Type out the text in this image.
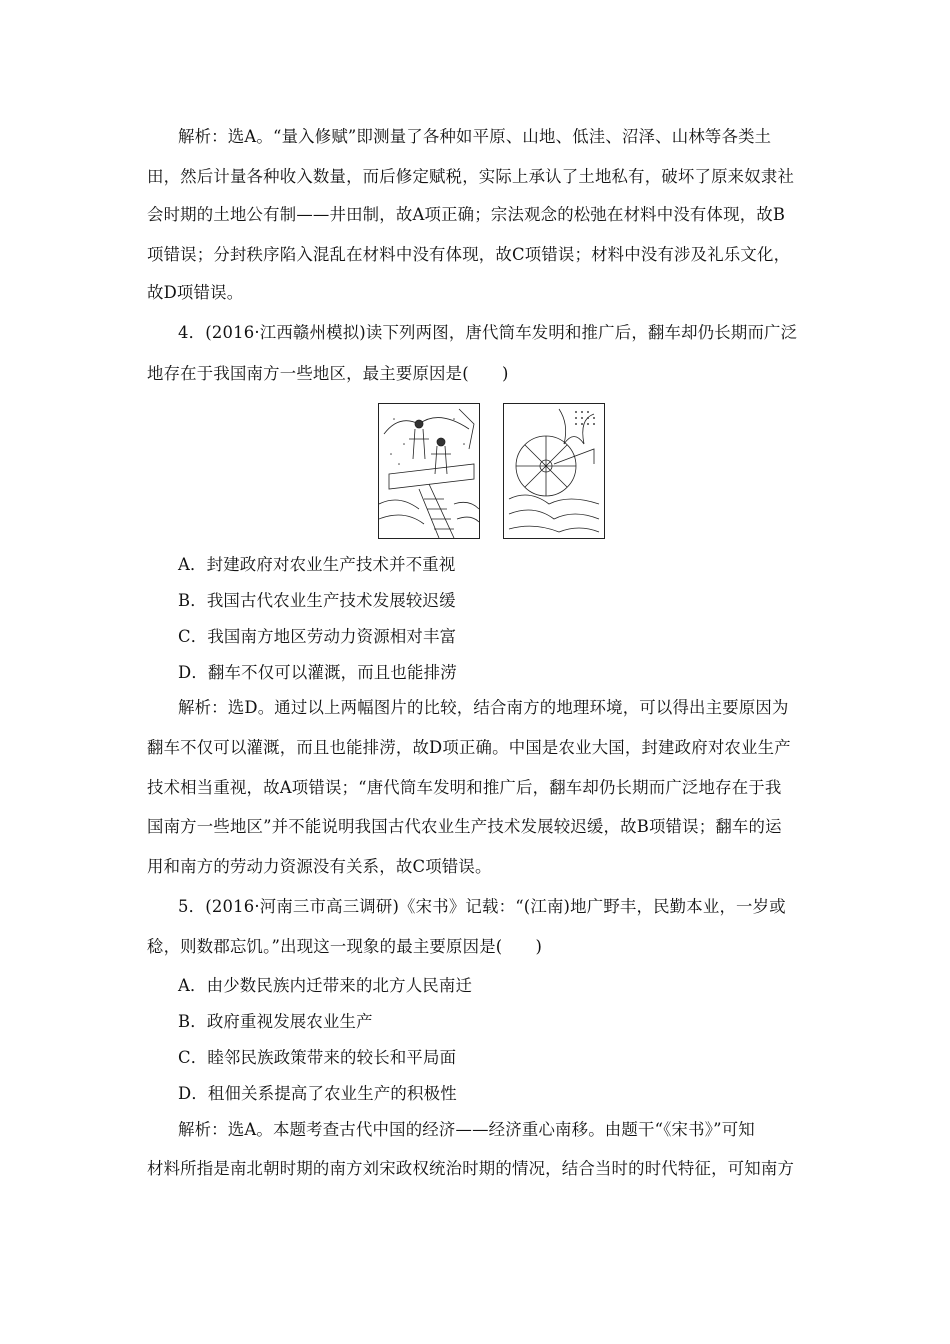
解析：选A。“量入修赋”即测量了各种如平原、山地、低洼、沼泽、山林等各类土
田，然后计量各种收入数量，而后修定赋税，实际上承认了土地私有，破坏了原来奴隶社
会时期的土地公有制——井田制，故A项正确；宗法观念的松弛在材料中没有体现，故B
项错误；分封秩序陷入混乱在材料中没有体现，故C项错误；材料中没有涉及礼乐文化，
故D项错误。
4．(2016·江西赣州模拟)读下列两图，唐代筒车发明和推广后，翻车却仍长期而广泛
地存在于我国南方一些地区，最主要原因是(　　)
A．封建政府对农业生产技术并不重视
B．我国古代农业生产技术发展较迟缓
C．我国南方地区劳动力资源相对丰富
D．翻车不仅可以灌溉，而且也能排涝
解析：选D。通过以上两幅图片的比较，结合南方的地理环境，可以得出主要原因为
翻车不仅可以灌溉，而且也能排涝，故D项正确。中国是农业大国，封建政府对农业生产
技术相当重视，故A项错误；“唐代筒车发明和推广后，翻车却仍长期而广泛地存在于我
国南方一些地区”并不能说明我国古代农业生产技术发展较迟缓，故B项错误；翻车的运
用和南方的劳动力资源没有关系，故C项错误。
5．(2016·河南三市高三调研)《宋书》记载：“(江南)地广野丰，民勤本业，一岁或
稔，则数郡忘饥。”出现这一现象的最主要原因是(　　)
A．由少数民族内迁带来的北方人民南迁
B．政府重视发展农业生产
C．睦邻民族政策带来的较长和平局面
D．租佃关系提高了农业生产的积极性
解析：选A。本题考查古代中国的经济——经济重心南移。由题干“《宋书》”可知
材料所指是南北朝时期的南方刘宋政权统治时期的情况，结合当时的时代特征，可知南方
